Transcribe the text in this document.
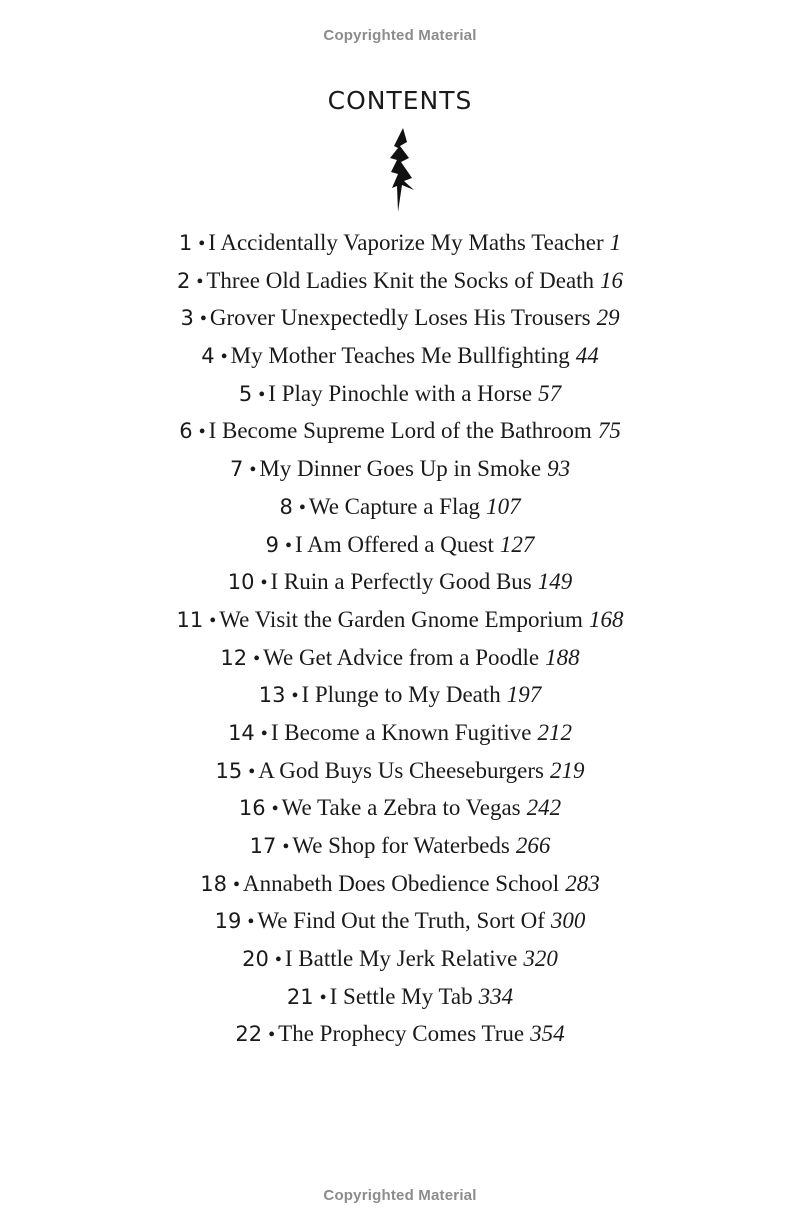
Copyrighted Material
CONTENTS
1 • I Accidentally Vaporize My Maths Teacher 1
2 • Three Old Ladies Knit the Socks of Death 16
3 • Grover Unexpectedly Loses His Trousers 29
4 • My Mother Teaches Me Bullfighting 44
5 • I Play Pinochle with a Horse 57
6 • I Become Supreme Lord of the Bathroom 75
7 • My Dinner Goes Up in Smoke 93
8 • We Capture a Flag 107
9 • I Am Offered a Quest 127
10 • I Ruin a Perfectly Good Bus 149
11 • We Visit the Garden Gnome Emporium 168
12 • We Get Advice from a Poodle 188
13 • I Plunge to My Death 197
14 • I Become a Known Fugitive 212
15 • A God Buys Us Cheeseburgers 219
16 • We Take a Zebra to Vegas 242
17 • We Shop for Waterbeds 266
18 • Annabeth Does Obedience School 283
19 • We Find Out the Truth, Sort Of 300
20 • I Battle My Jerk Relative 320
21 • I Settle My Tab 334
22 • The Prophecy Comes True 354
Copyrighted Material
